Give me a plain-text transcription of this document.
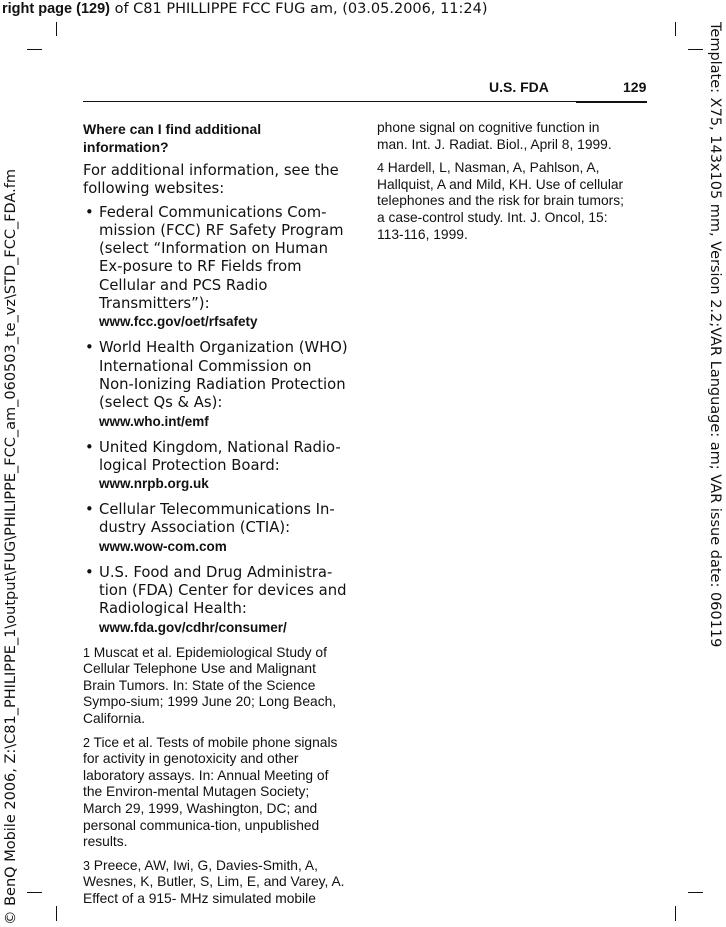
right page (129) of C81 PHILLIPPE FCC FUG am, (03.05.2006, 11:24)
Template: X75, 143x105 mm, Version 2.2;VAR Language: am; VAR issue date: 060119
© BenQ Mobile 2006, Z:\C81_PHILIPPE_1\output\FUG\PHILIPPE_FCC_am_060503_te_vz\STD_FCC_FDA.fm
U.S. FDA	129
Where can I find additional information?

For additional information, see the following websites:

• Federal Communications Com-mission (FCC) RF Safety Program (select “Information on Human Ex-posure to RF Fields from Cellular and PCS Radio Transmitters”):
www.fcc.gov/oet/rfsafety
• World Health Organization (WHO) International Commission on Non-Ionizing Radiation Protection (select Qs & As):
www.who.int/emf
• United Kingdom, National Radio-logical Protection Board:
www.nrpb.org.uk
• Cellular Telecommunications In-dustry Association (CTIA):
www.wow-com.com
• U.S. Food and Drug Administra-tion (FDA) Center for devices and Radiological Health:
www.fda.gov/cdhr/consumer/

1 Muscat et al. Epidemiological Study of Cellular Telephone Use and Malignant Brain Tumors. In: State of the Science Sympo-sium; 1999 June 20; Long Beach, California.

2 Tice et al. Tests of mobile phone signals for activity in genotoxicity and other laboratory assays. In: Annual Meeting of the Environ-mental Mutagen Society; March 29, 1999, Washington, DC; and personal communica-tion, unpublished results.

3 Preece, AW, Iwi, G, Davies-Smith, A, Wesnes, K, Butler, S, Lim, E, and Varey, A. Effect of a 915- MHz simulated mobile

phone signal on cognitive function in man. Int. J. Radiat. Biol., April 8, 1999.

4 Hardell, L, Nasman, A, Pahlson, A, Hallquist, A and Mild, KH. Use of cellular telephones and the risk for brain tumors; a case-control study. Int. J. Oncol, 15: 113-116, 1999.
